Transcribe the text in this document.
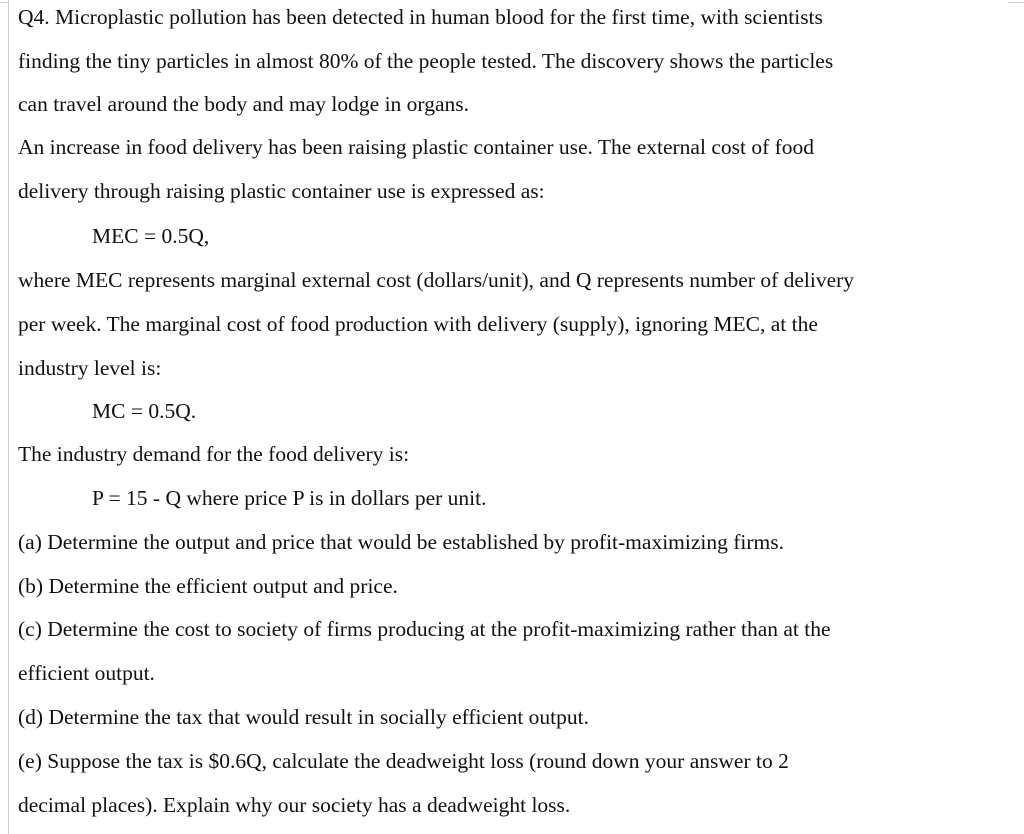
Q4. Microplastic pollution has been detected in human blood for the first time, with scientists

finding the tiny particles in almost 80% of the people tested. The discovery shows the particles

can travel around the body and may lodge in organs.

An increase in food delivery has been raising plastic container use. The external cost of food

delivery through raising plastic container use is expressed as:

MEC = 0.5Q,

where MEC represents marginal external cost (dollars/unit), and Q represents number of delivery

per week. The marginal cost of food production with delivery (supply), ignoring MEC, at the

industry level is:

MC = 0.5Q.

The industry demand for the food delivery is:

P = 15 - Q where price P is in dollars per unit.

(a) Determine the output and price that would be established by profit-maximizing firms.

(b) Determine the efficient output and price.

(c) Determine the cost to society of firms producing at the profit-maximizing rather than at the

efficient output.

(d) Determine the tax that would result in socially efficient output.

(e) Suppose the tax is $0.6Q, calculate the deadweight loss (round down your answer to 2

decimal places). Explain why our society has a deadweight loss.
